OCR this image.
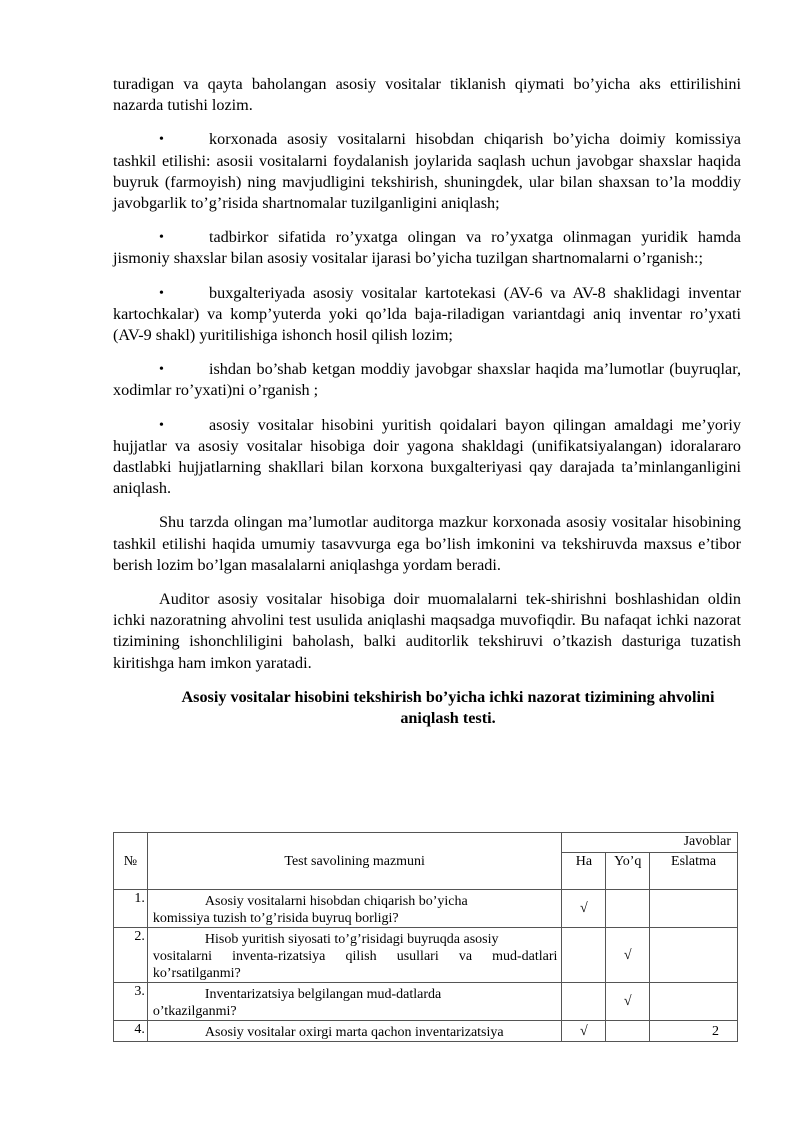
turadigan va qayta baholangan asosiy vositalar tiklanish qiymati bo’yicha aks ettirilishini nazarda tutishi lozim.

•	korxonada asosiy vositalarni hisobdan chiqarish bo’yicha doimiy komissiya tashkil etilishi: asosii vositalarni foydalanish joylarida saqlash uchun javobgar shaxslar haqida buyruk (farmoyish) ning mavjudligini tekshirish, shuningdek, ular bilan shaxsan to’la moddiy javobgarlik to’g’risida shartnomalar tuzilganligini aniqlash;

•	tadbirkor sifatida ro’yxatga olingan va ro’yxatga olinmagan yuridik hamda jismoniy shaxslar bilan asosiy vositalar ijarasi bo’yicha tuzilgan shartnomalarni o’rganish:;

•	buxgalteriyada asosiy vositalar kartotekasi (AV-6 va AV-8 shaklidagi inventar kartochkalar) va komp’yuterda yoki qo’lda baja-riladigan variantdagi aniq inventar ro’yxati (AV-9 shakl) yuritilishiga ishonch hosil qilish lozim;

•	ishdan bo’shab ketgan moddiy javobgar shaxslar haqida ma’lumotlar (buyruqlar, xodimlar ro’yxati)ni o’rganish ;

•	asosiy vositalar hisobini yuritish qoidalari bayon qilingan amaldagi me’yoriy hujjatlar va asosiy vositalar hisobiga doir yagona shakldagi (unifikatsiyalangan) idoralararo dastlabki hujjatlarning shakllari bilan korxona buxgalteriyasi qay darajada ta’minlanganligini aniqlash.

Shu tarzda olingan ma’lumotlar auditorga mazkur korxonada asosiy vositalar hisobining tashkil etilishi haqida umumiy tasavvurga ega bo’lish imkonini va tekshiruvda maxsus e’tibor berish lozim bo’lgan masalalarni aniqlashga yordam beradi.

Auditor asosiy vositalar hisobiga doir muomalalarni tek-shirishni boshlashidan oldin ichki nazoratning ahvolini test usulida aniqlashi maqsadga muvofiqdir. Bu nafaqat ichki nazorat tizimining ishonchliligini baholash, balki auditorlik tekshiruvi o’tkazish dasturiga tuzatish kiritishga ham imkon yaratadi.

Asosiy vositalar hisobini tekshirish bo’yicha ichki nazorat tizimining ahvolini aniqlash testi.

№	Test savolining mazmuni	Javoblar		
		Ha	Yo’q	Eslatma
1.	Asosiy vositalarni hisobdan chiqarish bo’yicha
komissiya tuzish to’g’risida buyruq borligi?	√		
2.	Hisob yuritish siyosati to’g’risidagi buyruqda asosiy
vositalarni inventa-rizatsiya qilish usullari va mud-datlari ko’rsatilganmi?		√	
3.	Inventarizatsiya belgilangan mud-datlarda
o’tkazilganmi?		√	
4.	Asosiy vositalar oxirgi marta qachon inventarizatsiya	√		2
